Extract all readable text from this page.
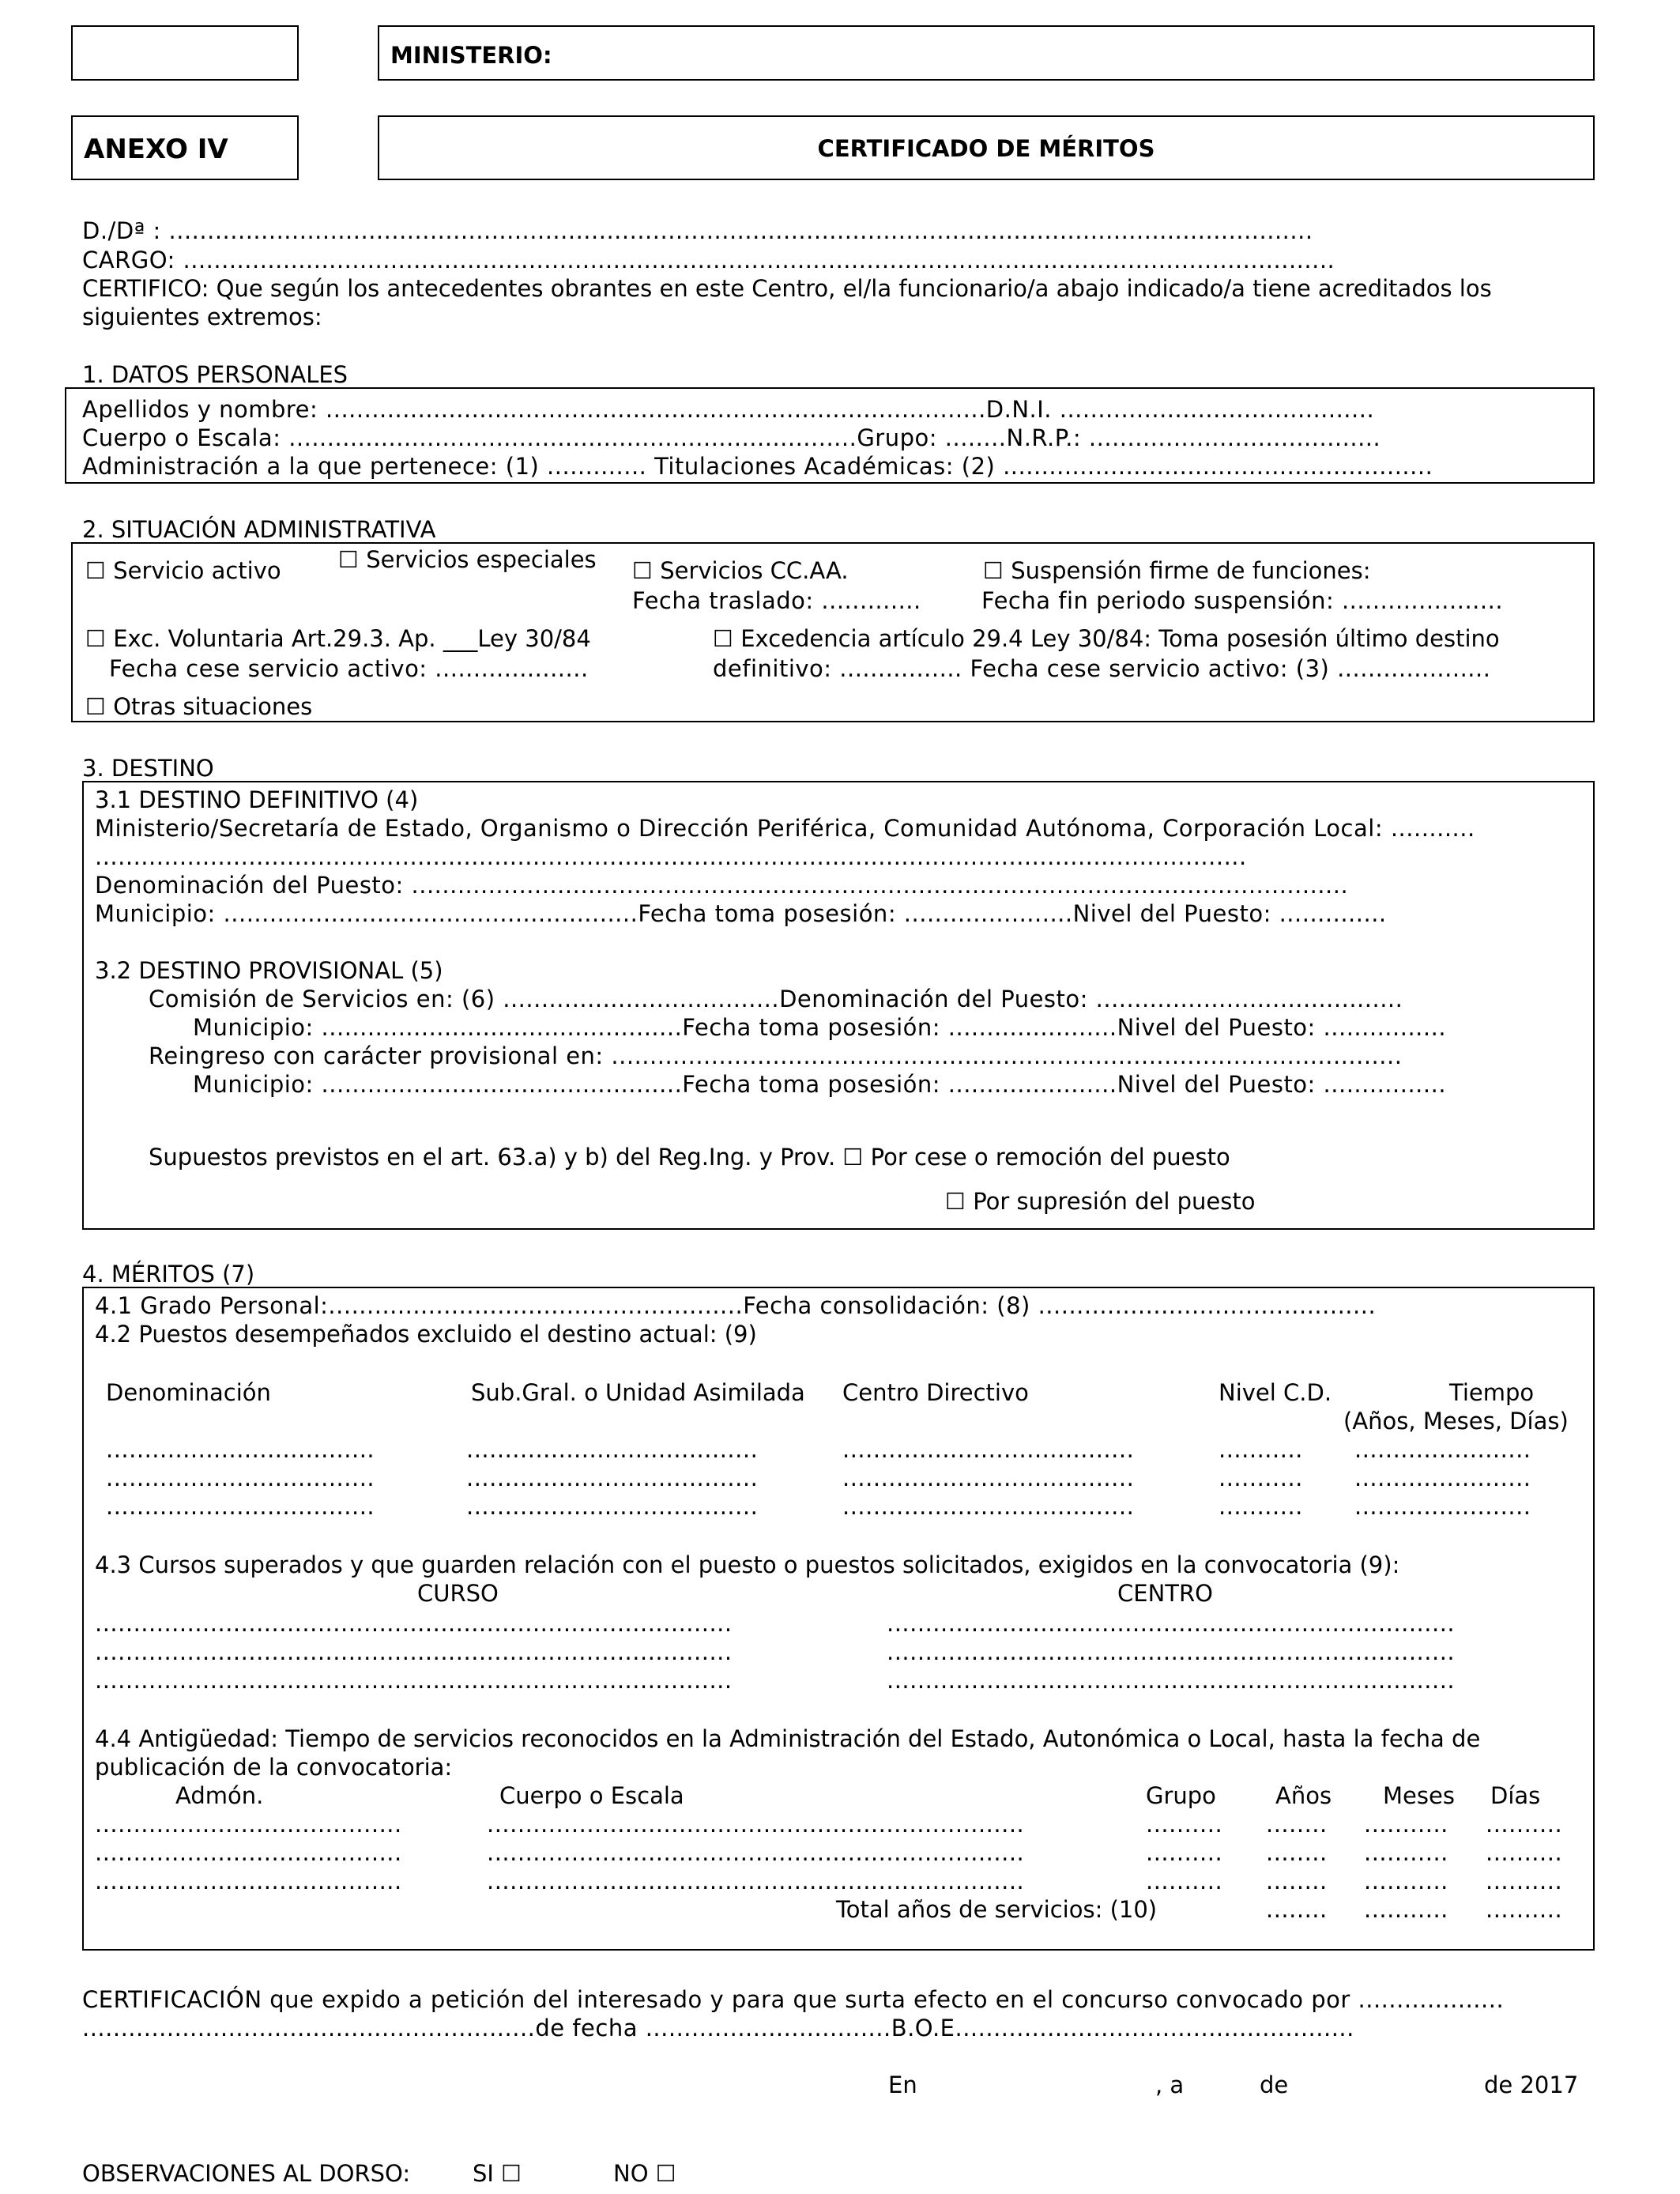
MINISTERIO:
ANEXO IV	CERTIFICADO DE MÉRITOS
D./Dª : .....................................................................................................................................................
CARGO: ......................................................................................................................................................
CERTIFICO: Que según los antecedentes obrantes en este Centro, el/la funcionario/a abajo indicado/a tiene acreditados los
siguientes extremos:
1. DATOS PERSONALES
Apellidos y nombre: ......................................................................................D.N.I. .........................................
Cuerpo o Escala: ..........................................................................Grupo: ........N.R.P.: ......................................
Administración a la que pertenece: (1) ............. Titulaciones Académicas: (2) ........................................................
2. SITUACIÓN ADMINISTRATIVA
☐ Servicio activo ☐ Servicios especiales ☐ Servicios CC.AA.
Fecha traslado: .............
☐ Suspensión firme de funciones:
Fecha fin periodo suspensión: .....................
☐ Exc. Voluntaria Art.29.3. Ap. ___Ley 30/84
Fecha cese servicio activo: ....................
☐ Excedencia artículo 29.4 Ley 30/84: Toma posesión último destino
definitivo: ................ Fecha cese servicio activo: (3) ....................
☐ Otras situaciones
3. DESTINO
3.1 DESTINO DEFINITIVO (4)
Ministerio/Secretaría de Estado, Organismo o Dirección Periférica, Comunidad Autónoma, Corporación Local: ...........
......................................................................................................................................................
Denominación del Puesto: ..........................................................................................................................
Municipio: ......................................................Fecha toma posesión: ......................Nivel del Puesto: ..............
3.2 DESTINO PROVISIONAL (5)
Comisión de Servicios en: (6) ....................................Denominación del Puesto: ........................................
Municipio: ...............................................Fecha toma posesión: ......................Nivel del Puesto: ................
Reingreso con carácter provisional en: .......................................................................................................
Municipio: ...............................................Fecha toma posesión: ......................Nivel del Puesto: ................
Supuestos previstos en el art. 63.a) y b) del Reg.Ing. y Prov. ☐ Por cese o remoción del puesto
☐ Por supresión del puesto
4. MÉRITOS (7)
4.1 Grado Personal:......................................................Fecha consolidación: (8) ............................................
4.2 Puestos desempeñados excluido el destino actual: (9)
Denominación	Sub.Gral. o Unidad Asimilada Centro Directivo	Nivel C.D.	Tiempo
(Años, Meses, Días)
...................................	......................................	......................................	........... .......................
...................................	......................................	......................................	........... .......................
...................................	......................................	......................................	........... .......................
4.3 Cursos superados y que guarden relación con el puesto o puestos solicitados, exigidos en la convocatoria (9):
CURSO	CENTRO
...................................................................................	..........................................................................
...................................................................................	..........................................................................
...................................................................................	..........................................................................
4.4 Antigüedad: Tiempo de servicios reconocidos en la Administración del Estado, Autonómica o Local, hasta la fecha de
publicación de la convocatoria:
Admón.	Cuerpo o Escala	Grupo	Años Meses Días
........................................	......................................................................	.......... ........ ........... ..........
........................................	......................................................................	.......... ........ ........... ..........
........................................	......................................................................	.......... ........ ........... ..........
Total años de servicios: (10)	........ ........... ..........
CERTIFICACIÓN que expido a petición del interesado y para que surta efecto en el concurso convocado por ...................
...........................................................de fecha ................................B.O.E....................................................
En	, a	de	de 2017
OBSERVACIONES AL DORSO:	SI ☐	NO ☐
